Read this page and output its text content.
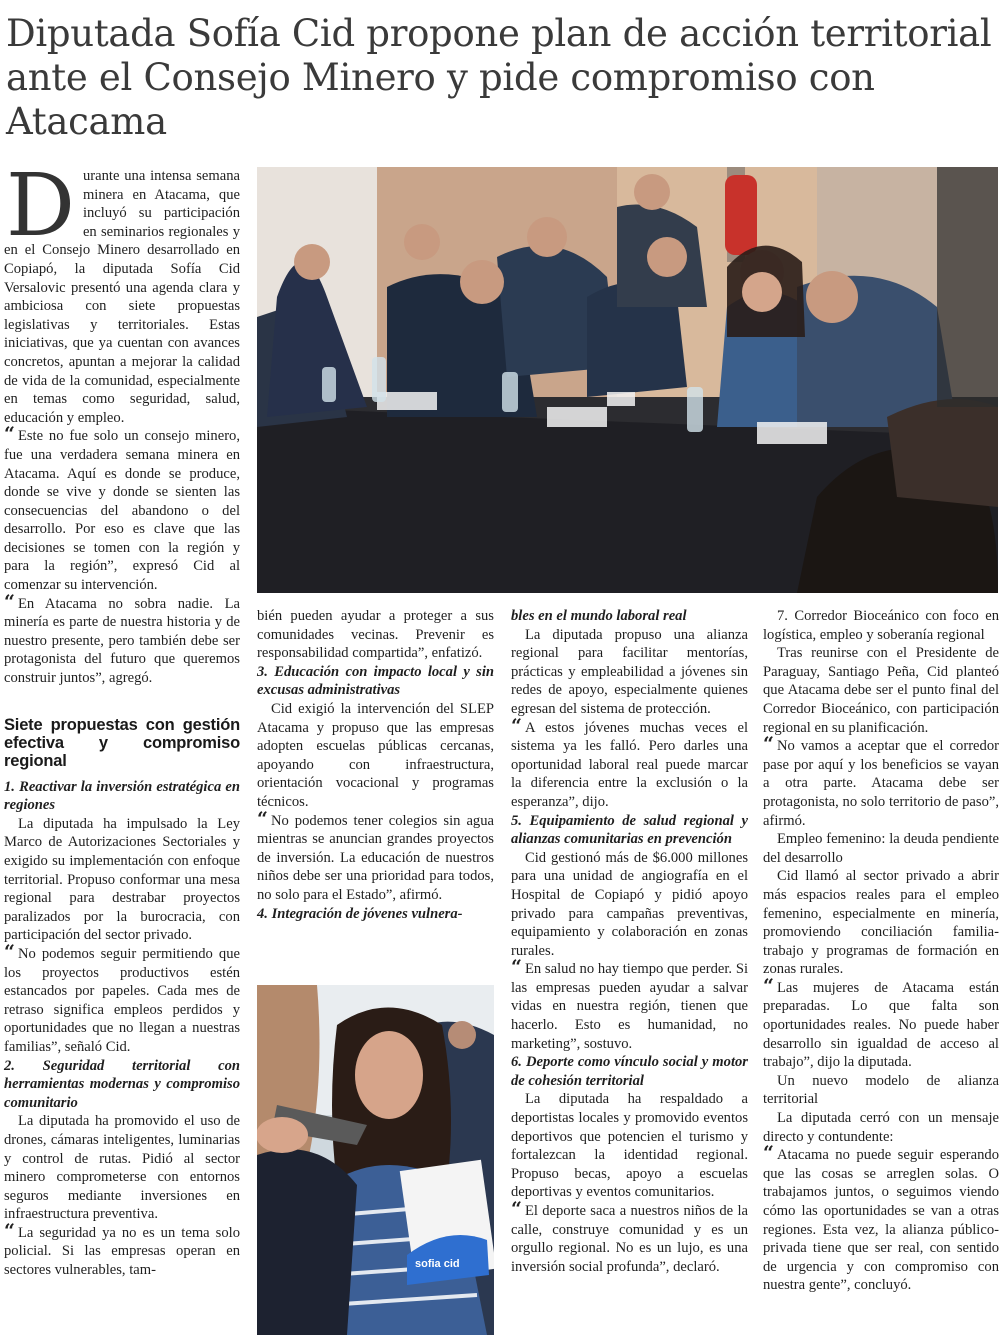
Diputada Sofía Cid propone plan de acción territorial ante el Consejo Minero y pide compromiso con Atacama
D urante una intensa semana minera en Atacama, que incluyó su participación en seminarios regionales y en el Consejo Minero desarrollado en Copiapó, la diputada Sofía Cid Versalovic presentó una agenda clara y ambiciosa con siete propuestas legislativas y territoriales. Estas iniciativas, que ya cuentan con avances concretos, apuntan a mejorar la calidad de vida de la comunidad, especialmente en temas como seguridad, salud, educación y empleo.

“ Este no fue solo un consejo minero, fue una verdadera semana minera en Atacama. Aquí es donde se produce, donde se vive y donde se sienten las consecuencias del abandono o del desarrollo. Por eso es clave que las decisiones se tomen con la región y para la región”, expresó Cid al comenzar su intervención.

“ En Atacama no sobra nadie. La minería es parte de nuestra historia y de nuestro presente, pero también debe ser protagonista del futuro que queremos construir juntos”, agregó.

Siete propuestas con gestión efectiva y compromiso regional

1. Reactivar la inversión estratégica en regiones

La diputada ha impulsado la Ley Marco de Autorizaciones Sectoriales y exigido su implementación con enfoque territorial. Propuso conformar una mesa regional para destrabar proyectos paralizados por la burocracia, con participación del sector privado.

“ No podemos seguir permitiendo que los proyectos productivos estén estancados por papeles. Cada mes de retraso significa empleos perdidos y oportunidades que no llegan a nuestras familias”, señaló Cid.

2. Seguridad territorial con herramientas modernas y compromiso comunitario

La diputada ha promovido el uso de drones, cámaras inteligentes, luminarias y control de rutas. Pidió al sector minero comprometerse con entornos seguros mediante inversiones en infraestructura preventiva.

“ La seguridad ya no es un tema solo policial. Si las empresas operan en sectores vulnerables, tam-

bién pueden ayudar a proteger a sus comunidades vecinas. Prevenir es responsabilidad compartida”, enfatizó.

3. Educación con impacto local y sin excusas administrativas

Cid exigió la intervención del SLEP Atacama y propuso que las empresas adopten escuelas públicas cercanas, apoyando con infraestructura, orientación vocacional y programas técnicos.

“ No podemos tener colegios sin agua mientras se anuncian grandes proyectos de inversión. La educación de nuestros niños debe ser una prioridad para todos, no solo para el Estado”, afirmó.

4. Integración de jóvenes vulnera-

sofia cid

bles en el mundo laboral real

La diputada propuso una alianza regional para facilitar mentorías, prácticas y empleabilidad a jóvenes sin redes de apoyo, especialmente quienes egresan del sistema de protección.

“ A estos jóvenes muchas veces el sistema ya les falló. Pero darles una oportunidad laboral real puede marcar la diferencia entre la exclusión o la esperanza”, dijo.

5. Equipamiento de salud regional y alianzas comunitarias en prevención

Cid gestionó más de $6.000 millones para una unidad de angiografía en el Hospital de Copiapó y pidió apoyo privado para campañas preventivas, equipamiento y colaboración en zonas rurales.

“ En salud no hay tiempo que perder. Si las empresas pueden ayudar a salvar vidas en nuestra región, tienen que hacerlo. Esto es humanidad, no marketing”, sostuvo.

6. Deporte como vínculo social y motor de cohesión territorial

La diputada ha respaldado a deportistas locales y promovido eventos deportivos que potencien el turismo y fortalezcan la identidad regional. Propuso becas, apoyo a escuelas deportivas y eventos comunitarios.

“ El deporte saca a nuestros niños de la calle, construye comunidad y es un orgullo regional. No es un lujo, es una inversión social profunda”, declaró.

7. Corredor Bioceánico con foco en logística, empleo y soberanía regional

Tras reunirse con el Presidente de Paraguay, Santiago Peña, Cid planteó que Atacama debe ser el punto final del Corredor Bioceánico, con participación regional en su planificación.

“ No vamos a aceptar que el corredor pase por aquí y los beneficios se vayan a otra parte. Atacama debe ser protagonista, no solo territorio de paso”, afirmó.

Empleo femenino: la deuda pendiente del desarrollo

Cid llamó al sector privado a abrir más espacios reales para el empleo femenino, especialmente en minería, promoviendo conciliación familia-trabajo y programas de formación en zonas rurales.

“ Las mujeres de Atacama están preparadas. Lo que falta son oportunidades reales. No puede haber desarrollo sin igualdad de acceso al trabajo”, dijo la diputada.

Un nuevo modelo de alianza territorial

La diputada cerró con un mensaje directo y contundente:

“ Atacama no puede seguir esperando que las cosas se arreglen solas. O trabajamos juntos, o seguimos viendo cómo las oportunidades se van a otras regiones. Esta vez, la alianza público-privada tiene que ser real, con sentido de urgencia y con compromiso con nuestra gente”, concluyó.
